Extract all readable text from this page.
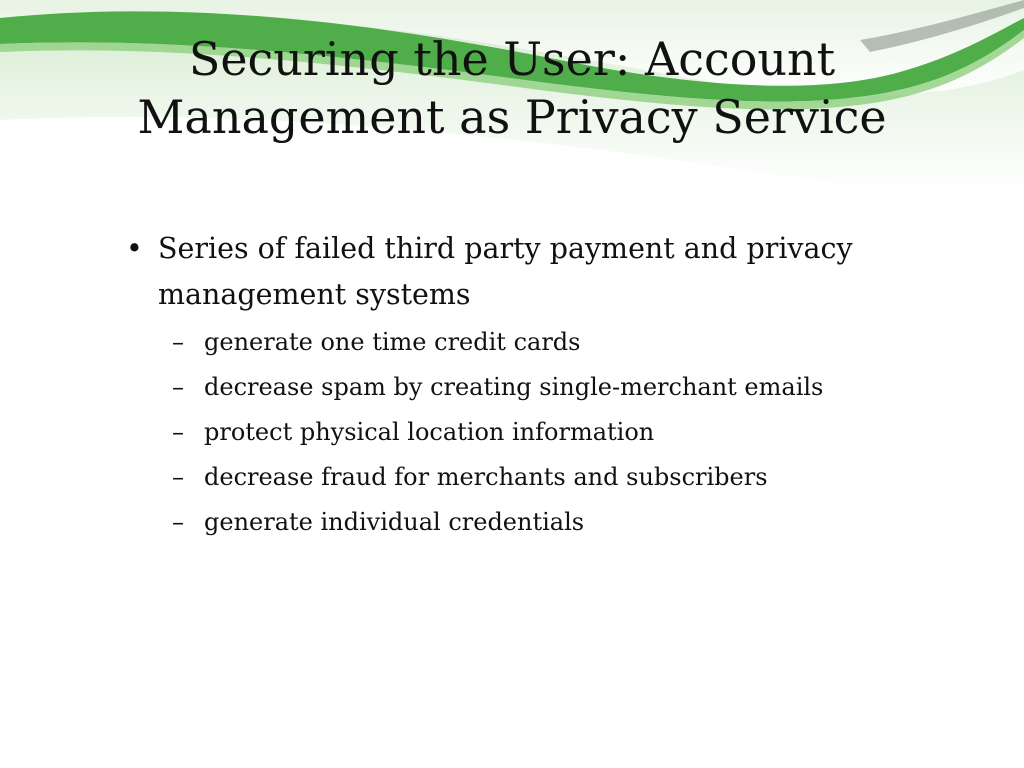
Securing the User: Account
Management as Privacy Service
• Series of failed third party payment and privacy management systems
– generate one time credit cards
– decrease spam by creating single-merchant emails
– protect physical location information
– decrease fraud for merchants and subscribers
– generate individual credentials
